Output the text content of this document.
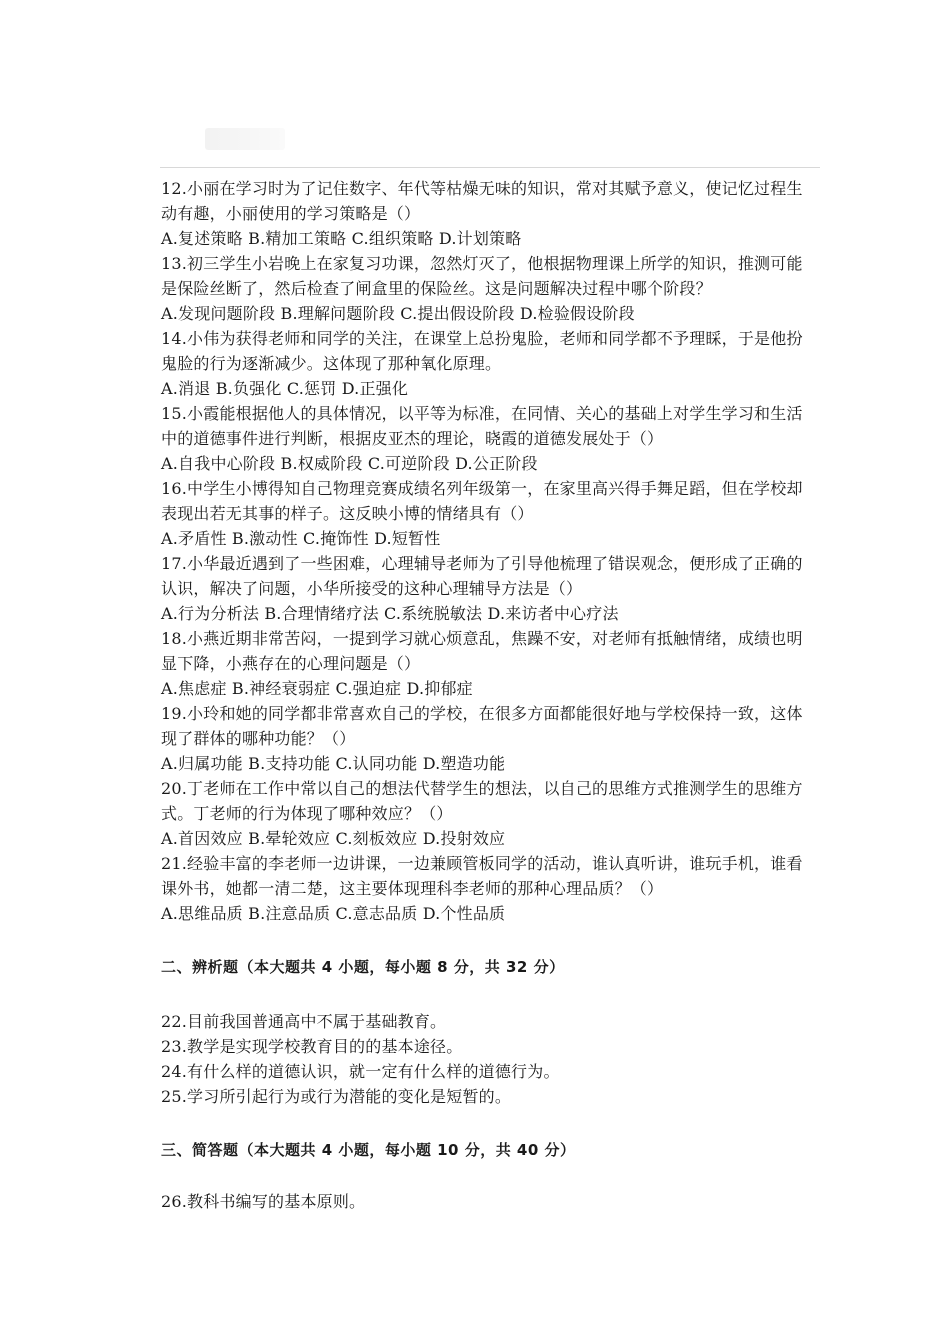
12.小丽在学习时为了记住数字、年代等枯燥无味的知识，常对其赋予意义，使记忆过程生

动有趣，小丽使用的学习策略是（）

A.复述策略 B.精加工策略 C.组织策略 D.计划策略

13.初三学生小岩晚上在家复习功课，忽然灯灭了，他根据物理课上所学的知识，推测可能

是保险丝断了，然后检查了闸盒里的保险丝。这是问题解决过程中哪个阶段？

A.发现问题阶段 B.理解问题阶段 C.提出假设阶段 D.检验假设阶段

14.小伟为获得老师和同学的关注，在课堂上总扮鬼脸，老师和同学都不予理睬，于是他扮

鬼脸的行为逐渐减少。这体现了那种氧化原理。

A.消退 B.负强化 C.惩罚 D.正强化

15.小霞能根据他人的具体情况，以平等为标准，在同情、关心的基础上对学生学习和生活

中的道德事件进行判断，根据皮亚杰的理论，晓霞的道德发展处于（）

A.自我中心阶段 B.权威阶段 C.可逆阶段 D.公正阶段

16.中学生小博得知自己物理竞赛成绩名列年级第一，在家里高兴得手舞足蹈，但在学校却

表现出若无其事的样子。这反映小博的情绪具有（）

A.矛盾性 B.激动性 C.掩饰性 D.短暂性

17.小华最近遇到了一些困难，心理辅导老师为了引导他梳理了错误观念，便形成了正确的

认识，解决了问题，小华所接受的这种心理辅导方法是（）

A.行为分析法 B.合理情绪疗法 C.系统脱敏法 D.来访者中心疗法

18.小燕近期非常苦闷，一提到学习就心烦意乱，焦躁不安，对老师有抵触情绪，成绩也明

显下降，小燕存在的心理问题是（）

A.焦虑症 B.神经衰弱症 C.强迫症 D.抑郁症

19.小玲和她的同学都非常喜欢自己的学校，在很多方面都能很好地与学校保持一致，这体

现了群体的哪种功能？（）

A.归属功能 B.支持功能 C.认同功能 D.塑造功能

20.丁老师在工作中常以自己的想法代替学生的想法，以自己的思维方式推测学生的思维方

式。丁老师的行为体现了哪种效应？（）

A.首因效应 B.晕轮效应 C.刻板效应 D.投射效应

21.经验丰富的李老师一边讲课，一边兼顾管板同学的活动，谁认真听讲，谁玩手机，谁看

课外书，她都一清二楚，这主要体现理科李老师的那种心理品质？（）

A.思维品质 B.注意品质 C.意志品质 D.个性品质

二、辨析题（本大题共 4 小题，每小题 8 分，共 32 分）

22.目前我国普通高中不属于基础教育。

23.教学是实现学校教育目的的基本途径。

24.有什么样的道德认识，就一定有什么样的道德行为。

25.学习所引起行为或行为潜能的变化是短暂的。

三、简答题（本大题共 4 小题，每小题 10 分，共 40 分）

26.教科书编写的基本原则。
